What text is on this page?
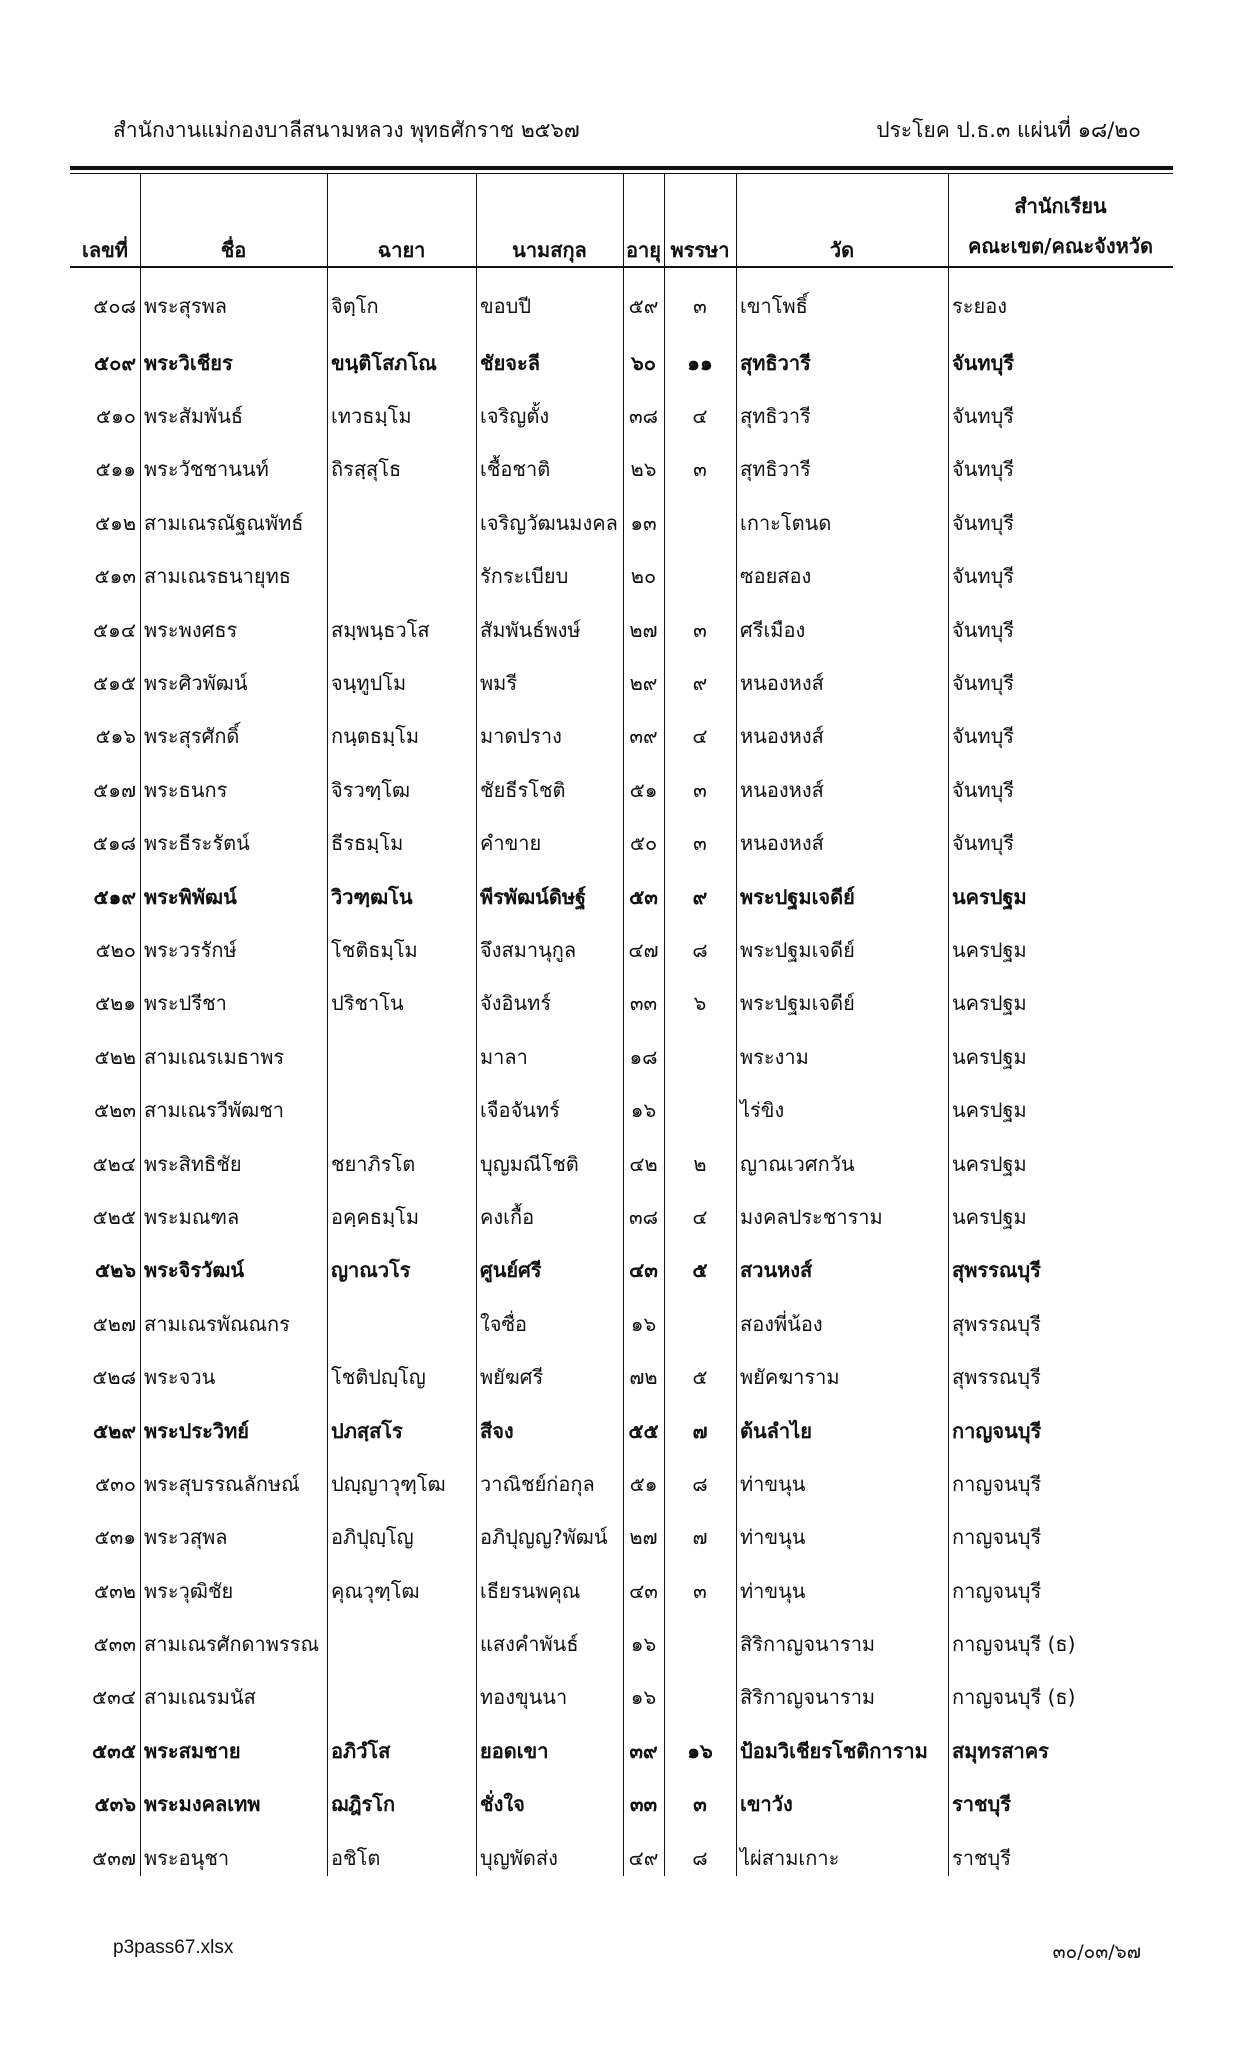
สำนักงานแม่กองบาลีสนามหลวง พุทธศักราช ๒๕๖๗	ประโยค ป.ธ.๓ แผ่นที่ ๑๘/๒๐
เลขที่	ชื่อ	ฉายา	นามสกุล	อายุ	พรรษา	วัด	สำนักเรียน
คณะเขต/คณะจังหวัด

๕๐๘	พระสุรพล	จิตฺโก	ขอบปี	๕๙	๓	เขาโพธิ์	ระยอง
๕๐๙	พระวิเชียร	ขนฺติโสภโณ	ชัยจะลี	๖๐	๑๑	สุทธิวารี	จันทบุรี
๕๑๐	พระสัมพันธ์	เทวธมฺโม	เจริญตั้ง	๓๘	๔	สุทธิวารี	จันทบุรี
๕๑๑	พระวัชชานนท์	ถิรสฺสุโธ	เชื้อชาติ	๒๖	๓	สุทธิวารี	จันทบุรี
๕๑๒	สามเณรณัฐณพัทธ์		เจริญวัฒนมงคล	๑๓		เกาะโตนด	จันทบุรี
๕๑๓	สามเณรธนายุทธ		รักระเบียบ	๒๐		ซอยสอง	จันทบุรี
๕๑๔	พระพงศธร	สมฺพนฺธวโส	สัมพันธ์พงษ์	๒๗	๓	ศรีเมือง	จันทบุรี
๕๑๕	พระศิวพัฒน์	จนฺทูปโม	พมรี	๒๙	๙	หนองหงส์	จันทบุรี
๕๑๖	พระสุรศักดิ์	กนฺตธมฺโม	มาดปราง	๓๙	๔	หนองหงส์	จันทบุรี
๕๑๗	พระธนกร	จิรวฑฺโฒ	ชัยธีรโชติ	๕๑	๓	หนองหงส์	จันทบุรี
๕๑๘	พระธีระรัตน์	ธีรธมฺโม	คำขาย	๕๐	๓	หนองหงส์	จันทบุรี
๕๑๙	พระพิพัฒน์	วิวฑฺฒโน	พีรพัฒน์ดิษฐ์	๕๓	๙	พระปฐมเจดีย์	นครปฐม
๕๒๐	พระวรรักษ์	โชติธมฺโม	จึงสมานุกูล	๔๗	๘	พระปฐมเจดีย์	นครปฐม
๕๒๑	พระปรีชา	ปริชาโน	จังอินทร์	๓๓	๖	พระปฐมเจดีย์	นครปฐม
๕๒๒	สามเณรเมธาพร		มาลา	๑๘		พระงาม	นครปฐม
๕๒๓	สามเณรวีพัฒชา		เจือจันทร์	๑๖		ไร่ขิง	นครปฐม
๕๒๔	พระสิทธิชัย	ชยาภิรโต	บุญมณีโชติ	๔๒	๒	ญาณเวศกวัน	นครปฐม
๕๒๕	พระมณฑล	อคฺคธมฺโม	คงเกื้อ	๓๘	๔	มงคลประชาราม	นครปฐม
๕๒๖	พระจิรวัฒน์	ญาณวโร	ศูนย์ศรี	๔๓	๕	สวนหงส์	สุพรรณบุรี
๕๒๗	สามเณรพัณณกร		ใจซื่อ	๑๖		สองพี่น้อง	สุพรรณบุรี
๕๒๘	พระจวน	โชติปญฺโญ	พยัฆศรี	๗๒	๕	พยัคฆาราม	สุพรรณบุรี
๕๒๙	พระประวิทย์	ปภสฺสโร	สีจง	๕๕	๗	ต้นลำไย	กาญจนบุรี
๕๓๐	พระสุบรรณลักษณ์	ปญฺญาวุฑฺโฒ	วาณิชย์ก่อกุล	๕๑	๘	ท่าขนุน	กาญจนบุรี
๕๓๑	พระวสุพล	อภิปุญฺโญ	อภิปุญญ?พัฒน์	๒๗	๗	ท่าขนุน	กาญจนบุรี
๕๓๒	พระวุฒิชัย	คุณวุฑฺโฒ	เธียรนพคุณ	๔๓	๓	ท่าขนุน	กาญจนบุรี
๕๓๓	สามเณรศักดาพรรณ		แสงคำพันธ์	๑๖		สิริกาญจนาราม	กาญจนบุรี (ธ)
๕๓๔	สามเณรมนัส		ทองขุนนา	๑๖		สิริกาญจนาราม	กาญจนบุรี (ธ)
๕๓๕	พระสมชาย	อภิวํโส	ยอดเขา	๓๙	๑๖	ป้อมวิเชียรโชติการาม	สมุทรสาคร
๕๓๖	พระมงคลเทพ	ฌฎิรโก	ชั่งใจ	๓๓	๓	เขาวัง	ราชบุรี
๕๓๗	พระอนุชา	อชิโต	บุญพัดส่ง	๔๙	๘	ไผ่สามเกาะ	ราชบุรี
p3pass67.xlsx	๓๐/๐๓/๖๗
